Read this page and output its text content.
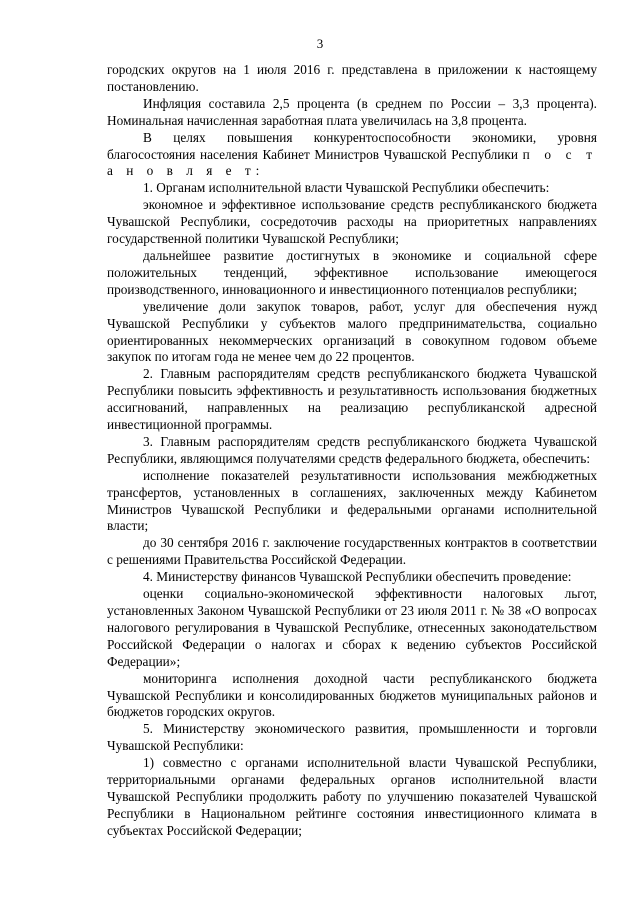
3

городских округов на 1 июля 2016 г. представлена в приложении к настоящему постановлению.

Инфляция составила 2,5 процента (в среднем по России – 3,3 процента). Номинальная начисленная заработная плата увеличилась на 3,8 процента.

В целях повышения конкурентоспособности экономики, уровня благосостояния населения Кабинет Министров Чувашской Республики п о с т а н о в л я е т:

1. Органам исполнительной власти Чувашской Республики обеспечить:

экономное и эффективное использование средств республиканского бюджета Чувашской Республики, сосредоточив расходы на приоритетных направлениях государственной политики Чувашской Республики;

дальнейшее развитие достигнутых в экономике и социальной сфере положительных тенденций, эффективное использование имеющегося производственного, инновационного и инвестиционного потенциалов республики;

увеличение доли закупок товаров, работ, услуг для обеспечения нужд Чувашской Республики у субъектов малого предпринимательства, социально ориентированных некоммерческих организаций в совокупном годовом объеме закупок по итогам года не менее чем до 22 процентов.

2. Главным распорядителям средств республиканского бюджета Чувашской Республики повысить эффективность и результативность использования бюджетных ассигнований, направленных на реализацию республиканской адресной инвестиционной программы.

3. Главным распорядителям средств республиканского бюджета Чувашской Республики, являющимся получателями средств федерального бюджета, обеспечить:

исполнение показателей результативности использования межбюджетных трансфертов, установленных в соглашениях, заключенных между Кабинетом Министров Чувашской Республики и федеральными органами исполнительной власти;

до 30 сентября 2016 г. заключение государственных контрактов в соответствии с решениями Правительства Российской Федерации.

4. Министерству финансов Чувашской Республики обеспечить проведение:

оценки социально-экономической эффективности налоговых льгот, установленных Законом Чувашской Республики от 23 июля 2011 г. № 38 «О вопросах налогового регулирования в Чувашской Республике, отнесенных законодательством Российской Федерации о налогах и сборах к ведению субъектов Российской Федерации»;

мониторинга исполнения доходной части республиканского бюджета Чувашской Республики и консолидированных бюджетов муниципальных районов и бюджетов городских округов.

5. Министерству экономического развития, промышленности и торговли Чувашской Республики:

1) совместно с органами исполнительной власти Чувашской Республики, территориальными органами федеральных органов исполнительной власти Чувашской Республики продолжить работу по улучшению показателей Чувашской Республики в Национальном рейтинге состояния инвестиционного климата в субъектах Российской Федерации;
